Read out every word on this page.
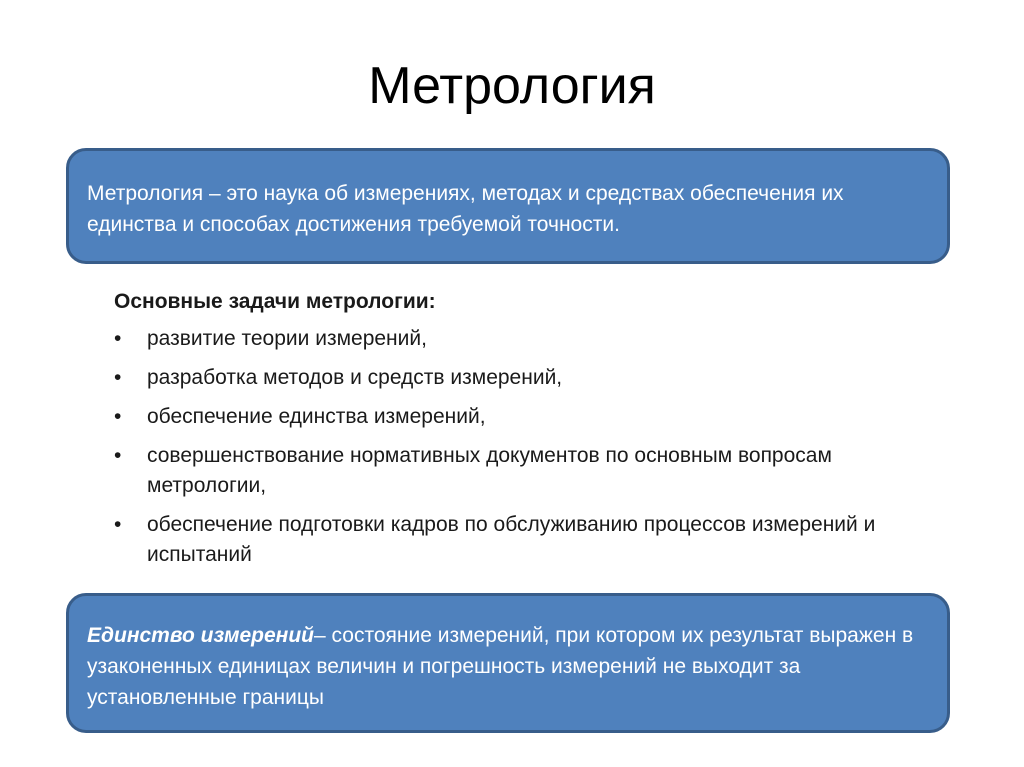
Метрология
Метрология – это наука об измерениях, методах и средствах обеспечения их единства и способах достижения требуемой точности.
Основные задачи метрологии:
• развитие теории измерений,
• разработка методов и средств измерений,
• обеспечение единства измерений,
• совершенствование нормативных документов по основным вопросам метрологии,
• обеспечение подготовки кадров по обслуживанию процессов измерений и испытаний
Единство измерений– состояние измерений, при котором их результат выражен в узаконенных единицах величин и погрешность измерений не выходит за установленные границы
